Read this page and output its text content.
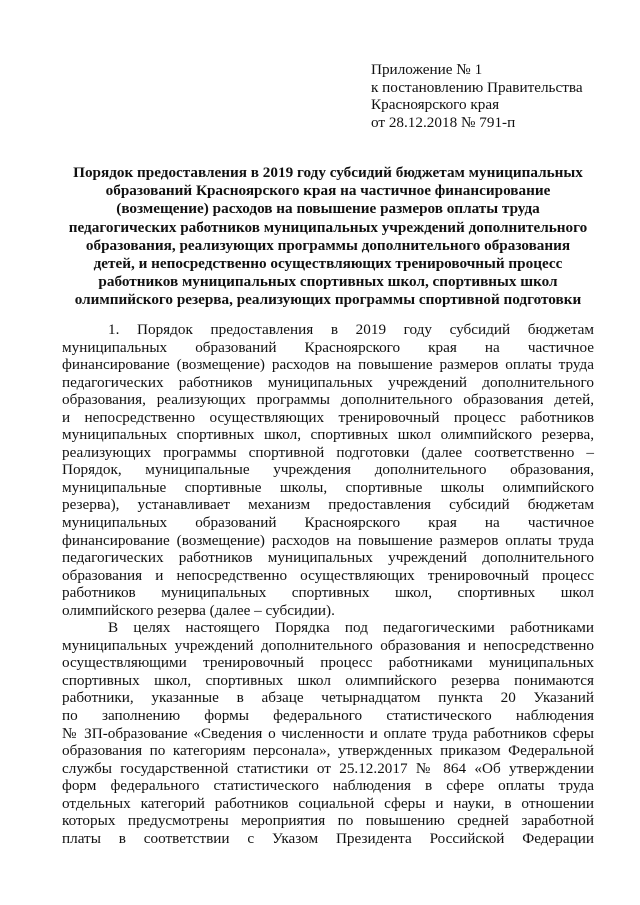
Приложение № 1
к постановлению Правительства
Красноярского края
от 28.12.2018 № 791-п
Порядок предоставления в 2019 году субсидий бюджетам муниципальных
образований Красноярского края на частичное финансирование
(возмещение) расходов на повышение размеров оплаты труда
педагогических работников муниципальных учреждений дополнительного
образования, реализующих программы дополнительного образования
детей, и непосредственно осуществляющих тренировочный процесс
работников муниципальных спортивных школ, спортивных школ
олимпийского резерва, реализующих программы спортивной подготовки
1. Порядок предоставления в 2019 году субсидий бюджетам
муниципальных образований Красноярского края на частичное
финансирование (возмещение) расходов на повышение размеров оплаты труда
педагогических работников муниципальных учреждений дополнительного
образования, реализующих программы дополнительного образования детей,
и непосредственно осуществляющих тренировочный процесс работников
муниципальных спортивных школ, спортивных школ олимпийского резерва,
реализующих программы спортивной подготовки (далее соответственно –
Порядок, муниципальные учреждения дополнительного образования,
муниципальные спортивные школы, спортивные школы олимпийского
резерва), устанавливает механизм предоставления субсидий бюджетам
муниципальных образований Красноярского края на частичное
финансирование (возмещение) расходов на повышение размеров оплаты труда
педагогических работников муниципальных учреждений дополнительного
образования и непосредственно осуществляющих тренировочный процесс
работников муниципальных спортивных школ, спортивных школ
олимпийского резерва (далее – субсидии).
В целях настоящего Порядка под педагогическими работниками
муниципальных учреждений дополнительного образования и непосредственно
осуществляющими тренировочный процесс работниками муниципальных
спортивных школ, спортивных школ олимпийского резерва понимаются
работники, указанные в абзаце четырнадцатом пункта 20 Указаний
по заполнению формы федерального статистического наблюдения
№ ЗП-образование «Сведения о численности и оплате труда работников сферы
образования по категориям персонала», утвержденных приказом Федеральной
службы государственной статистики от 25.12.2017 № 864 «Об утверждении
форм федерального статистического наблюдения в сфере оплаты труда
отдельных категорий работников социальной сферы и науки, в отношении
которых предусмотрены мероприятия по повышению средней заработной
платы в соответствии с Указом Президента Российской Федерации
